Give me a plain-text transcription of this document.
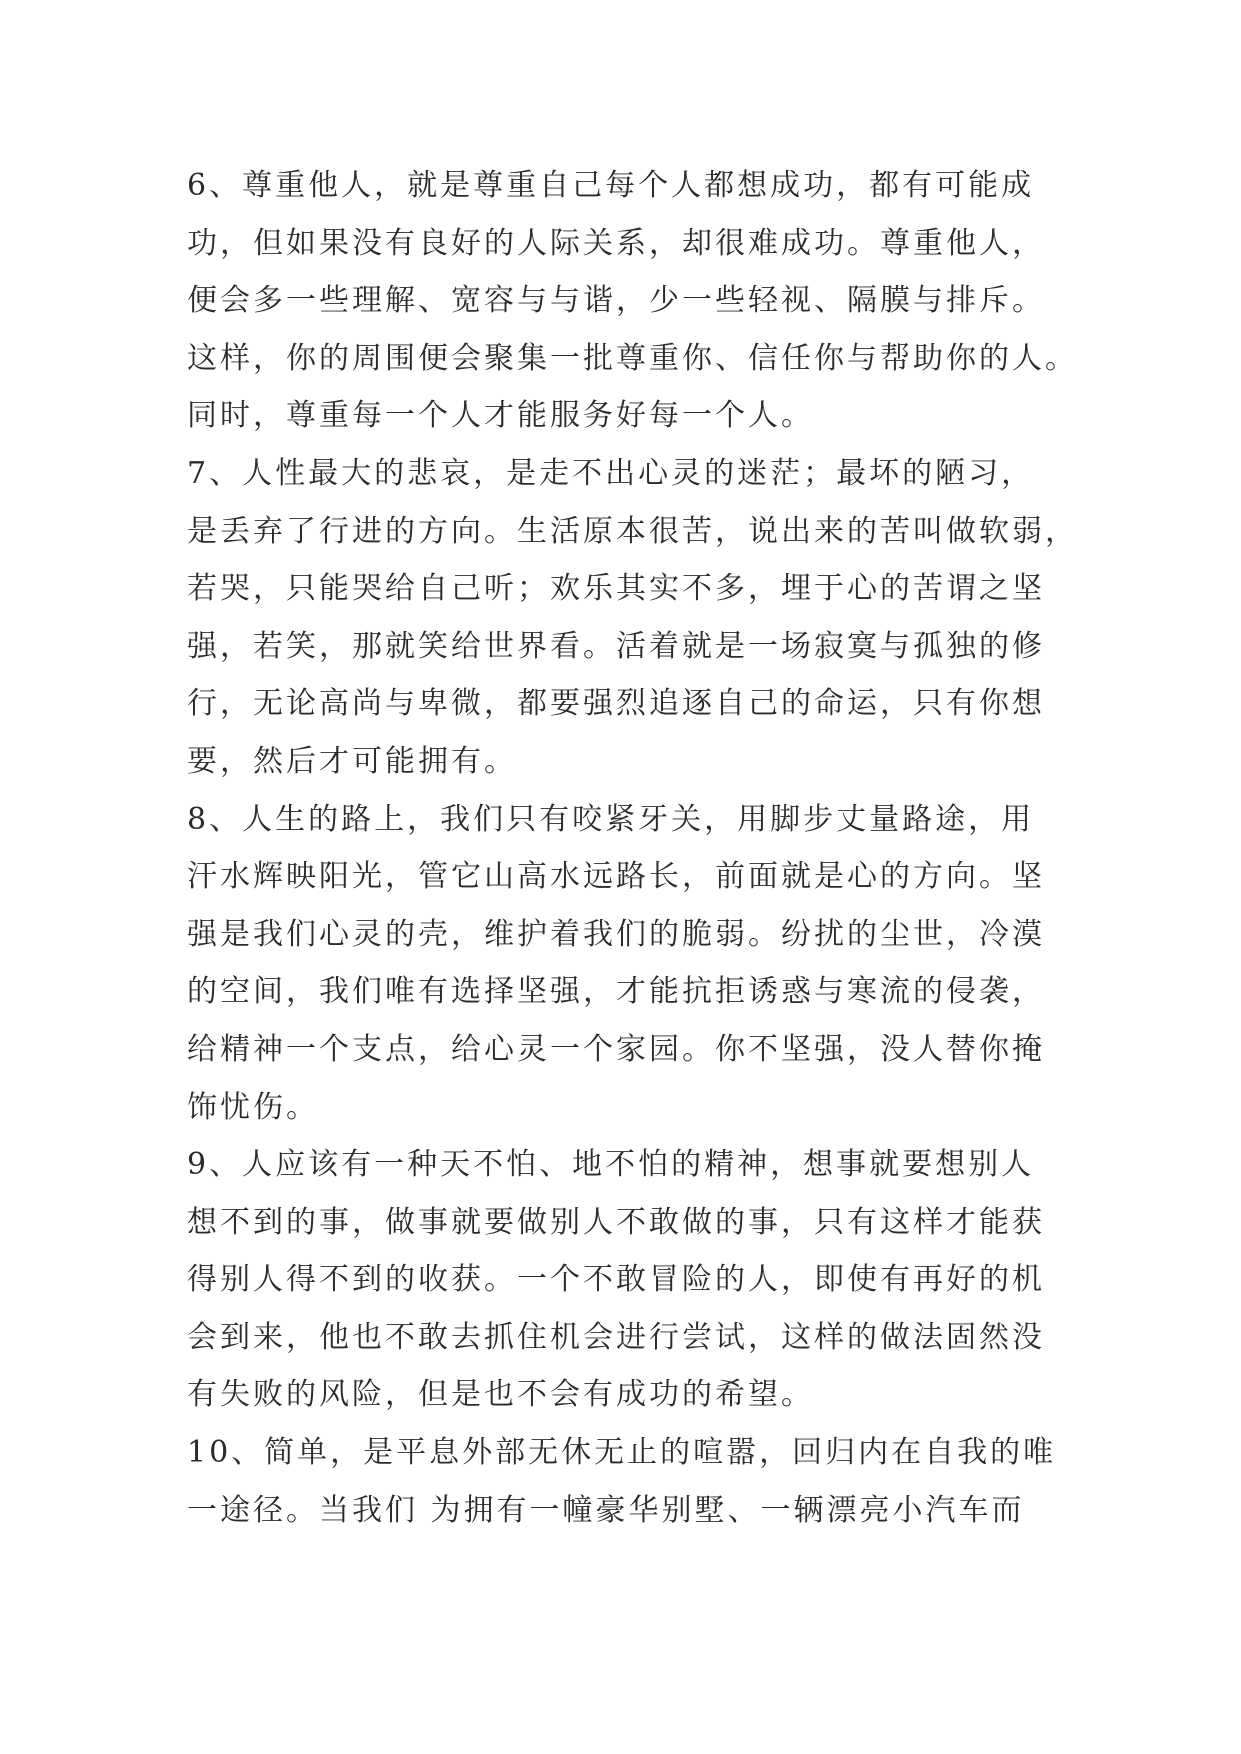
6、尊重他人，就是尊重自己每个人都想成功，都有可能成
功，但如果没有良好的人际关系，却很难成功。尊重他人，
便会多一些理解、宽容与与谐，少一些轻视、隔膜与排斥。
这样，你的周围便会聚集一批尊重你、信任你与帮助你的人。
同时，尊重每一个人才能服务好每一个人。
7、人性最大的悲哀，是走不出心灵的迷茫；最坏的陋习，
是丢弃了行进的方向。生活原本很苦，说出来的苦叫做软弱，
若哭，只能哭给自己听；欢乐其实不多，埋于心的苦谓之坚
强，若笑，那就笑给世界看。活着就是一场寂寞与孤独的修
行，无论高尚与卑微，都要强烈追逐自己的命运，只有你想
要，然后才可能拥有。
8、人生的路上，我们只有咬紧牙关，用脚步丈量路途，用
汗水辉映阳光，管它山高水远路长，前面就是心的方向。坚
强是我们心灵的壳，维护着我们的脆弱。纷扰的尘世，冷漠
的空间，我们唯有选择坚强，才能抗拒诱惑与寒流的侵袭，
给精神一个支点，给心灵一个家园。你不坚强，没人替你掩
饰忧伤。
9、人应该有一种天不怕、地不怕的精神，想事就要想别人
想不到的事，做事就要做别人不敢做的事，只有这样才能获
得别人得不到的收获。一个不敢冒险的人，即使有再好的机
会到来，他也不敢去抓住机会进行尝试，这样的做法固然没
有失败的风险，但是也不会有成功的希望。
10、简单，是平息外部无休无止的喧嚣，回归内在自我的唯
一途径。当我们 为拥有一幢豪华别墅、一辆漂亮小汽车而
